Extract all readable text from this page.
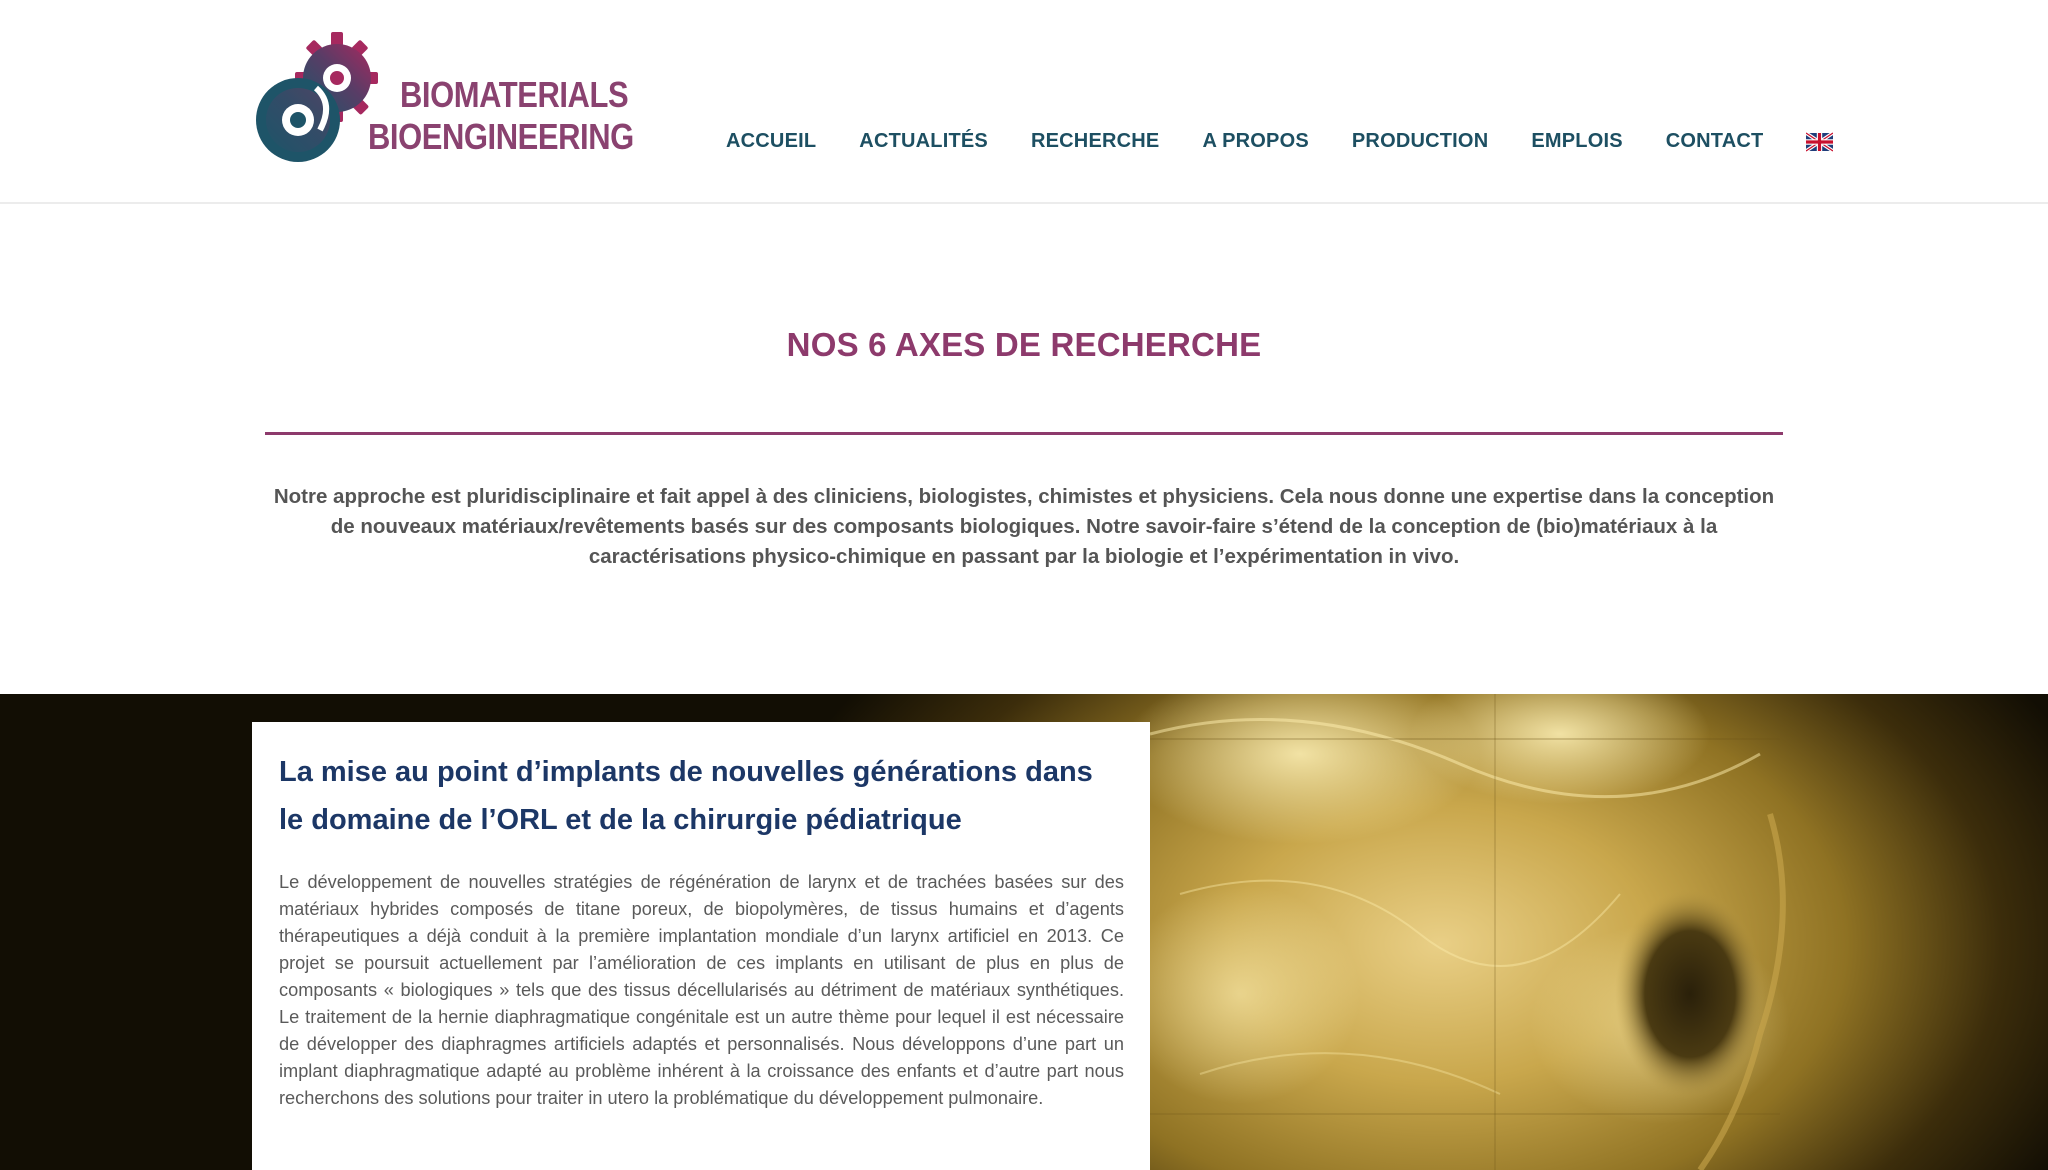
BIOMATERIALS
BIOENGINEERING	ACCUEIL ACTUALITÉS RECHERCHE A PROPOS PRODUCTION EMPLOIS CONTACT
NOS 6 AXES DE RECHERCHE

Notre approche est pluridisciplinaire et fait appel à des cliniciens, biologistes, chimistes et physiciens. Cela nous donne une expertise dans la conception de nouveaux matériaux/revêtements basés sur des composants biologiques. Notre savoir-faire s’étend de la conception de (bio)matériaux à la caractérisations physico-chimique en passant par la biologie et l’expérimentation in vivo.

La mise au point d’implants de nouvelles générations dans le domaine de l’ORL et de la chirurgie pédiatrique

Le développement de nouvelles stratégies de régénération de larynx et de trachées basées sur des matériaux hybrides composés de titane poreux, de biopolymères, de tissus humains et d’agents thérapeutiques a déjà conduit à la première implantation mondiale d’un larynx artificiel en 2013. Ce projet se poursuit actuellement par l’amélioration de ces implants en utilisant de plus en plus de composants « biologiques » tels que des tissus décellularisés au détriment de matériaux synthétiques. Le traitement de la hernie diaphragmatique congénitale est un autre thème pour lequel il est nécessaire de développer des diaphragmes artificiels adaptés et personnalisés. Nous développons d’une part un implant diaphragmatique adapté au problème inhérent à la croissance des enfants et d’autre part nous recherchons des solutions pour traiter in utero la problématique du développement pulmonaire.
